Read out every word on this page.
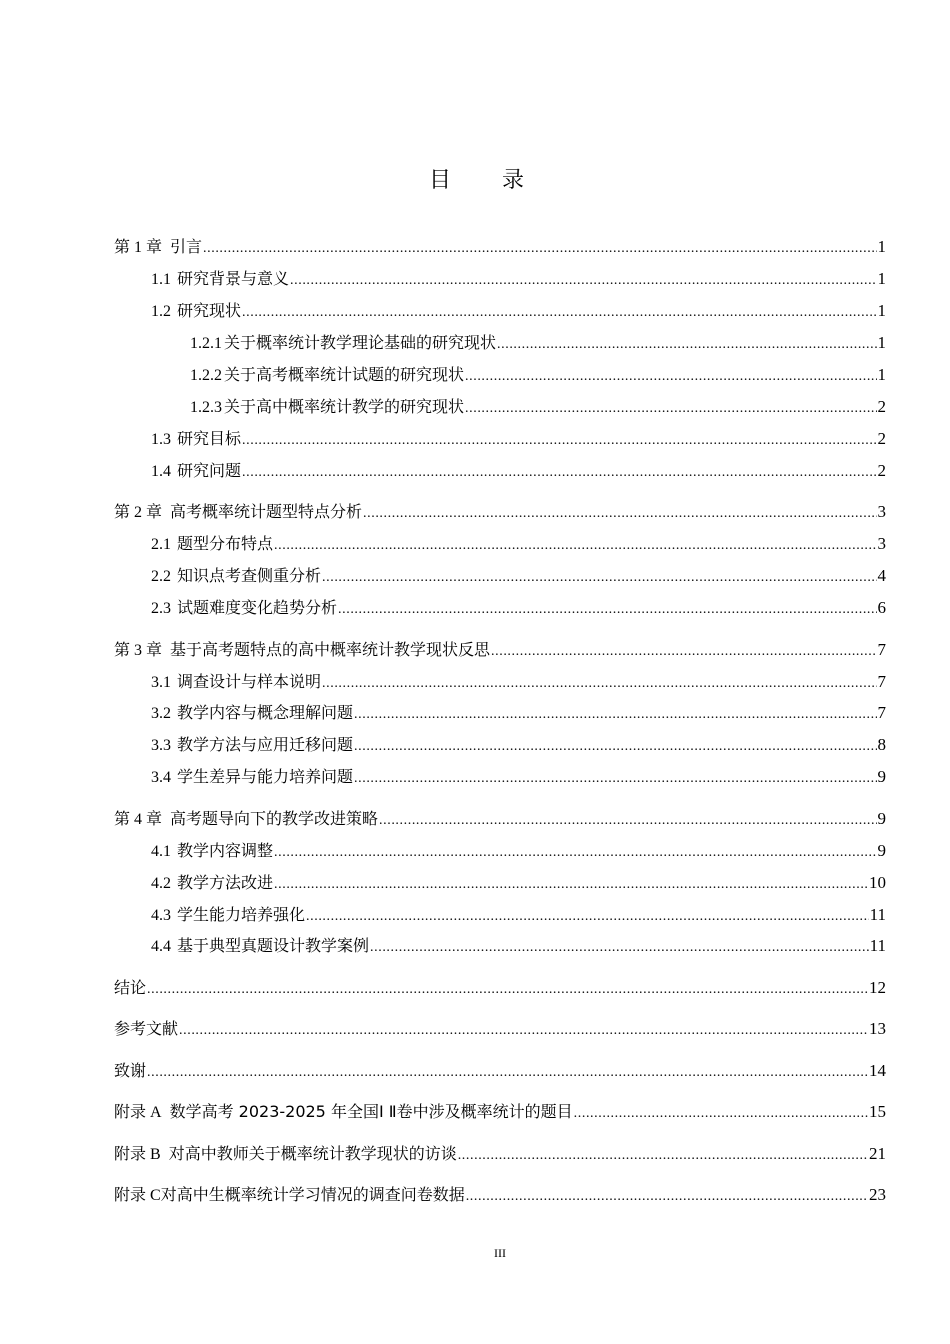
目 录
第 1 章 引言 .....	1
1.1 研究背景与意义 .....	1
1.2 研究现状 .....	1
1.2.1 关于概率统计教学理论基础的研究现状 .....	1
1.2.2 关于高考概率统计试题的研究现状 .....	1
1.2.3 关于高中概率统计教学的研究现状 .....	2
1.3 研究目标 .....	2
1.4 研究问题 .....	2
第 2 章 高考概率统计题型特点分析 .....	3
2.1 题型分布特点 .....	3
2.2 知识点考查侧重分析 .....	4
2.3 试题难度变化趋势分析 .....	6
第 3 章 基于高考题特点的高中概率统计教学现状反思 .....	7
3.1 调查设计与样本说明 .....	7
3.2 教学内容与概念理解问题 .....	7
3.3 教学方法与应用迁移问题 .....	8
3.4 学生差异与能力培养问题 .....	9
第 4 章 高考题导向下的教学改进策略 .....	9
4.1 教学内容调整 .....	9
4.2 教学方法改进 .....	10
4.3 学生能力培养强化 .....	11
4.4 基于典型真题设计教学案例 .....	11
结论 .....	12
参考文献 .....	13
致谢 .....	14
附录 A 数学高考 2023-2025 年全国Ⅰ Ⅱ卷中涉及概率统计的题目 .....	15
附录 B 对高中教师关于概率统计教学现状的访谈 .....	21
附录 C对高中生概率统计学习情况的调查问卷数据 .....	23
III
